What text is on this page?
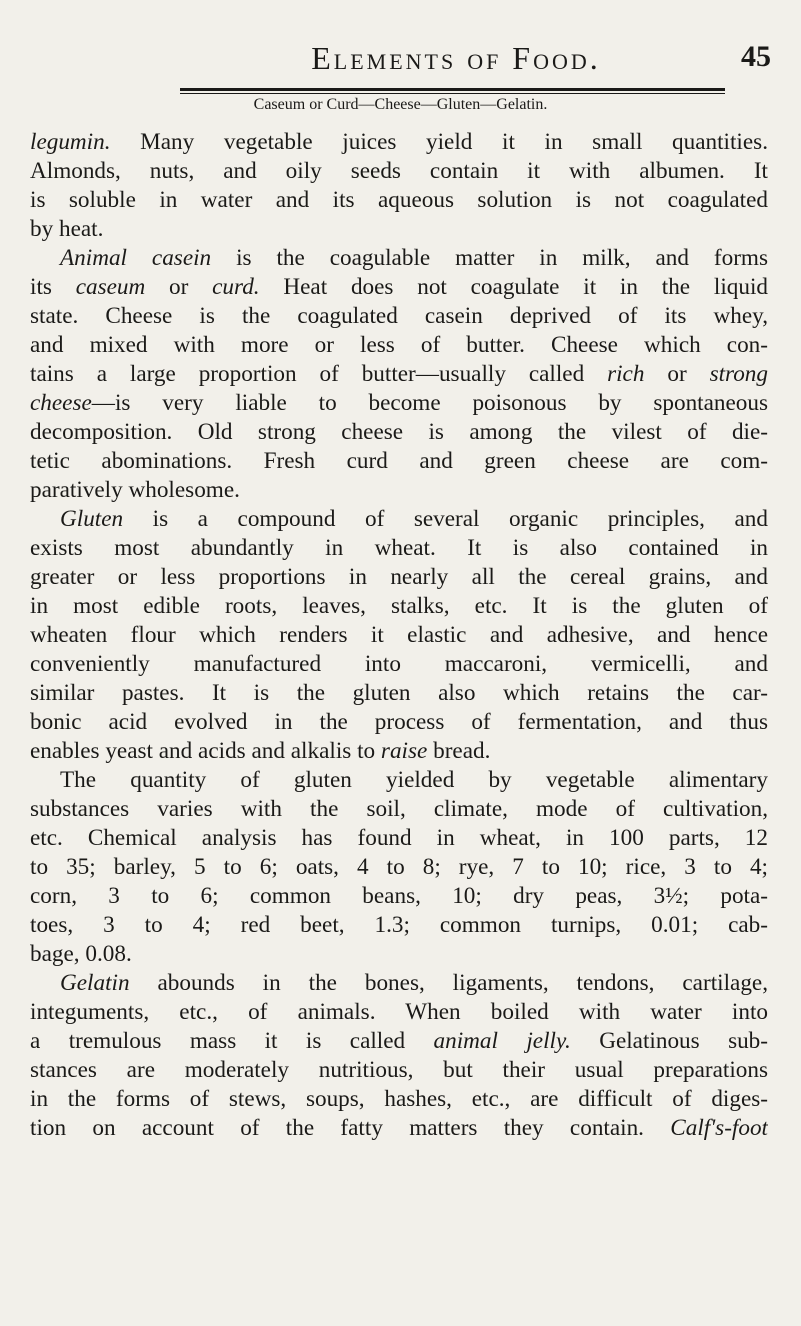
Elements of Food.	45
Caseum or Curd—Cheese—Gluten—Gelatin.
legumin. Many vegetable juices yield it in small quantities.
Almonds, nuts, and oily seeds contain it with albumen. It
is soluble in water and its aqueous solution is not coagulated
by heat.
Animal casein is the coagulable matter in milk, and forms
its caseum or curd. Heat does not coagulate it in the liquid
state. Cheese is the coagulated casein deprived of its whey,
and mixed with more or less of butter. Cheese which con-
tains a large proportion of butter—usually called rich or strong
cheese—is very liable to become poisonous by spontaneous
decomposition. Old strong cheese is among the vilest of die-
tetic abominations. Fresh curd and green cheese are com-
paratively wholesome.
Gluten is a compound of several organic principles, and
exists most abundantly in wheat. It is also contained in
greater or less proportions in nearly all the cereal grains, and
in most edible roots, leaves, stalks, etc. It is the gluten of
wheaten flour which renders it elastic and adhesive, and hence
conveniently manufactured into maccaroni, vermicelli, and
similar pastes. It is the gluten also which retains the car-
bonic acid evolved in the process of fermentation, and thus
enables yeast and acids and alkalis to raise bread.
The quantity of gluten yielded by vegetable alimentary
substances varies with the soil, climate, mode of cultivation,
etc. Chemical analysis has found in wheat, in 100 parts, 12
to 35; barley, 5 to 6; oats, 4 to 8; rye, 7 to 10; rice, 3 to 4;
corn, 3 to 6; common beans, 10; dry peas, 3½; pota-
toes, 3 to 4; red beet, 1.3; common turnips, 0.01; cab-
bage, 0.08.
Gelatin abounds in the bones, ligaments, tendons, cartilage,
integuments, etc., of animals. When boiled with water into
a tremulous mass it is called animal jelly. Gelatinous sub-
stances are moderately nutritious, but their usual preparations
in the forms of stews, soups, hashes, etc., are difficult of diges-
tion on account of the fatty matters they contain. Calf's-foot
